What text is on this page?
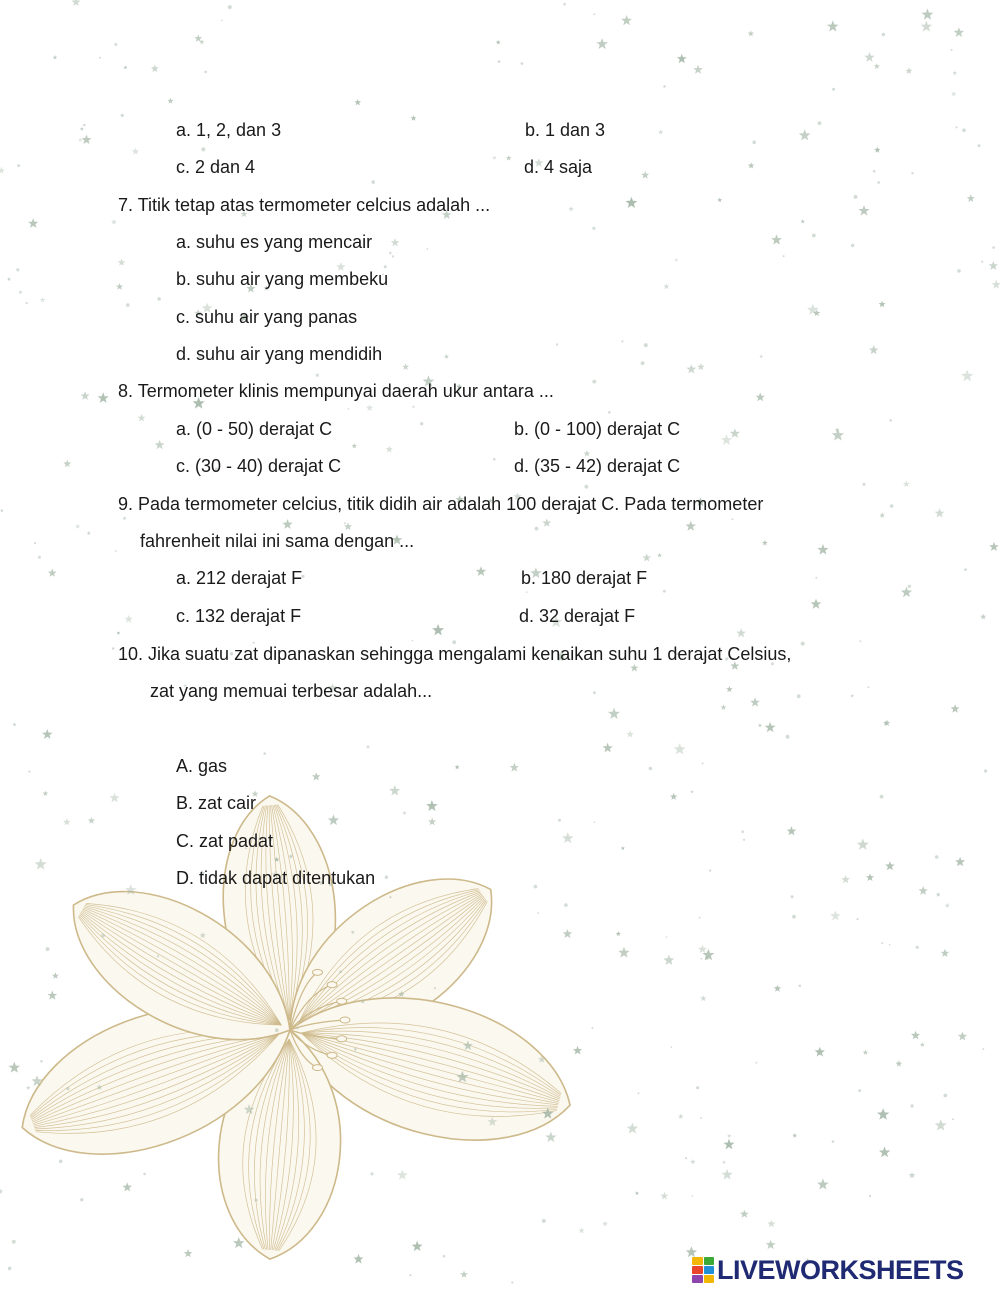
a. 1, 2, dan 3	b. 1 dan 3
c. 2 dan 4	d. 4 saja
7. Titik tetap atas termometer celcius adalah ...
a. suhu es yang mencair
b. suhu air yang membeku
c. suhu air yang panas
d. suhu air yang mendidih
8. Termometer klinis mempunyai daerah ukur antara ...
a. (0 - 50) derajat C	b. (0 - 100) derajat C
c. (30 - 40) derajat C	d. (35 - 42) derajat C
9. Pada termometer celcius, titik didih air adalah 100 derajat C. Pada termometer
fahrenheit nilai ini sama dengan ...
a. 212 derajat F	b. 180 derajat F
c. 132 derajat F	d. 32 derajat F
10. Jika suatu zat dipanaskan sehingga mengalami kenaikan suhu 1 derajat Celsius,
zat yang memuai terbesar adalah...
A. gas
B. zat cair
C. zat padat
D. tidak dapat ditentukan
LIVEWORKSHEETS
